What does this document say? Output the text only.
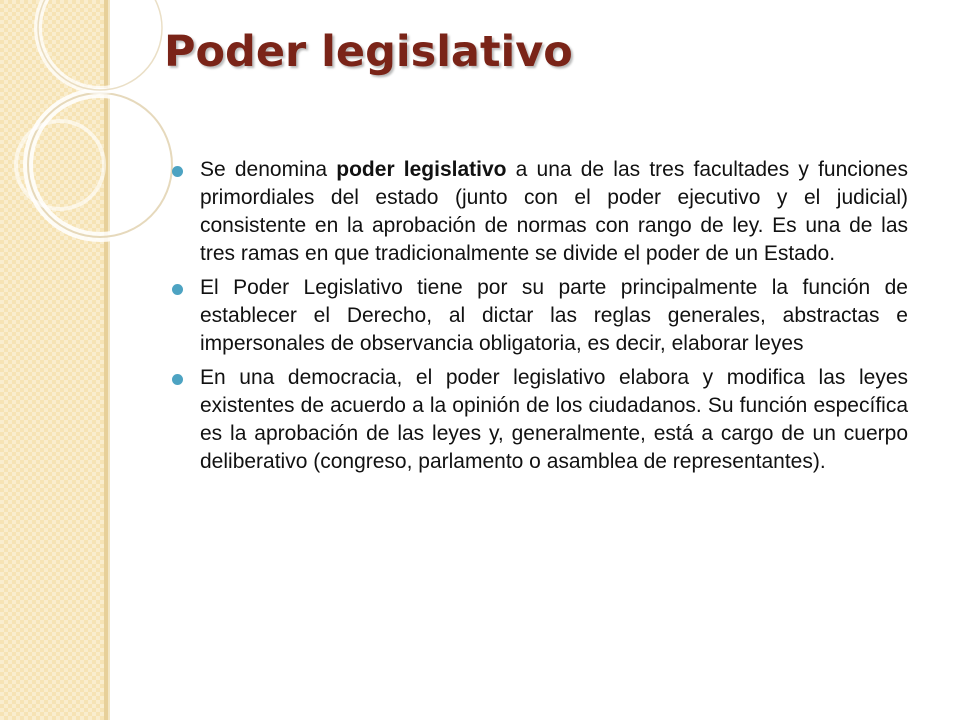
Poder legislativo
Se denomina poder legislativo a una de las tres facultades y funciones primordiales del estado (junto con el poder ejecutivo y el judicial) consistente en la aprobación de normas con rango de ley. Es una de las tres ramas en que tradicionalmente se divide el poder de un Estado.
El Poder Legislativo tiene por su parte principalmente la función de establecer el Derecho, al dictar las reglas generales, abstractas e impersonales de observancia obligatoria, es decir, elaborar leyes
En una democracia, el poder legislativo elabora y modifica las leyes existentes de acuerdo a la opinión de los ciudadanos. Su función específica es la aprobación de las leyes y, generalmente, está a cargo de un cuerpo deliberativo (congreso, parlamento o asamblea de representantes).
